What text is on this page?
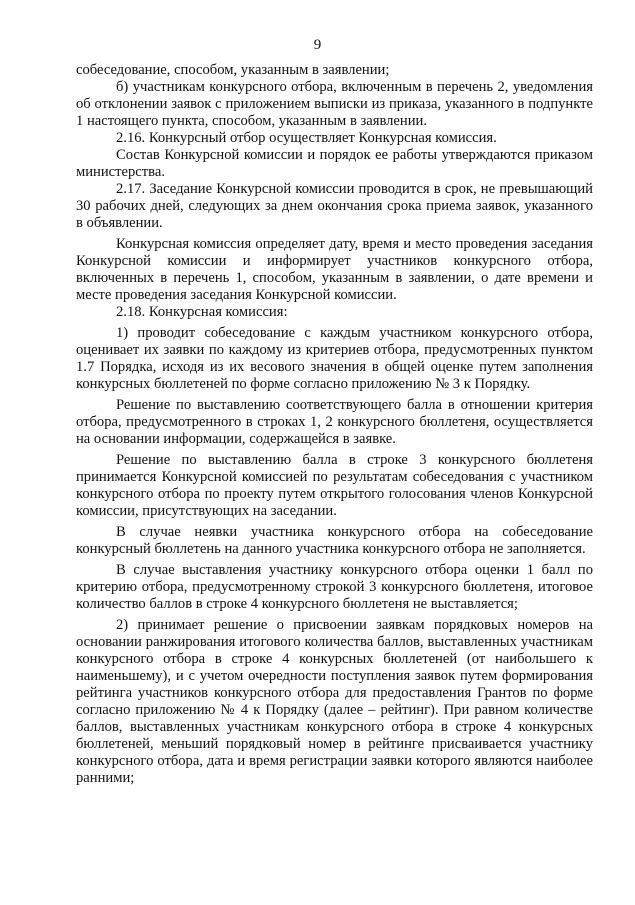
9

собеседование, способом, указанным в заявлении;

б) участникам конкурсного отбора, включенным в перечень 2, уведомления об отклонении заявок с приложением выписки из приказа, указанного в подпункте 1 настоящего пункта, способом, указанным в заявлении.

2.16. Конкурсный отбор осуществляет Конкурсная комиссия.

Состав Конкурсной комиссии и порядок ее работы утверждаются приказом министерства.

2.17. Заседание Конкурсной комиссии проводится в срок, не превышающий 30 рабочих дней, следующих за днем окончания срока приема заявок, указанного в объявлении.

Конкурсная комиссия определяет дату, время и место проведения заседания Конкурсной комиссии и информирует участников конкурсного отбора, включенных в перечень 1, способом, указанным в заявлении, о дате времени и месте проведения заседания Конкурсной комиссии.

2.18. Конкурсная комиссия:

1) проводит собеседование с каждым участником конкурсного отбора, оценивает их заявки по каждому из критериев отбора, предусмотренных пунктом 1.7 Порядка, исходя из их весового значения в общей оценке путем заполнения конкурсных бюллетеней по форме согласно приложению № 3 к Порядку.

Решение по выставлению соответствующего балла в отношении критерия отбора, предусмотренного в строках 1, 2 конкурсного бюллетеня, осуществляется на основании информации, содержащейся в заявке.

Решение по выставлению балла в строке 3 конкурсного бюллетеня принимается Конкурсной комиссией по результатам собеседования с участником конкурсного отбора по проекту путем открытого голосования членов Конкурсной комиссии, присутствующих на заседании.

В случае неявки участника конкурсного отбора на собеседование конкурсный бюллетень на данного участника конкурсного отбора не заполняется.

В случае выставления участнику конкурсного отбора оценки 1 балл по критерию отбора, предусмотренному строкой 3 конкурсного бюллетеня, итоговое количество баллов в строке 4 конкурсного бюллетеня не выставляется;

2) принимает решение о присвоении заявкам порядковых номеров на основании ранжирования итогового количества баллов, выставленных участникам конкурсного отбора в строке 4 конкурсных бюллетеней (от наибольшего к наименьшему), и с учетом очередности поступления заявок путем формирования рейтинга участников конкурсного отбора для предоставления Грантов по форме согласно приложению № 4 к Порядку (далее – рейтинг). При равном количестве баллов, выставленных участникам конкурсного отбора в строке 4 конкурсных бюллетеней, меньший порядковый номер в рейтинге присваивается участнику конкурсного отбора, дата и время регистрации заявки которого являются наиболее ранними;
